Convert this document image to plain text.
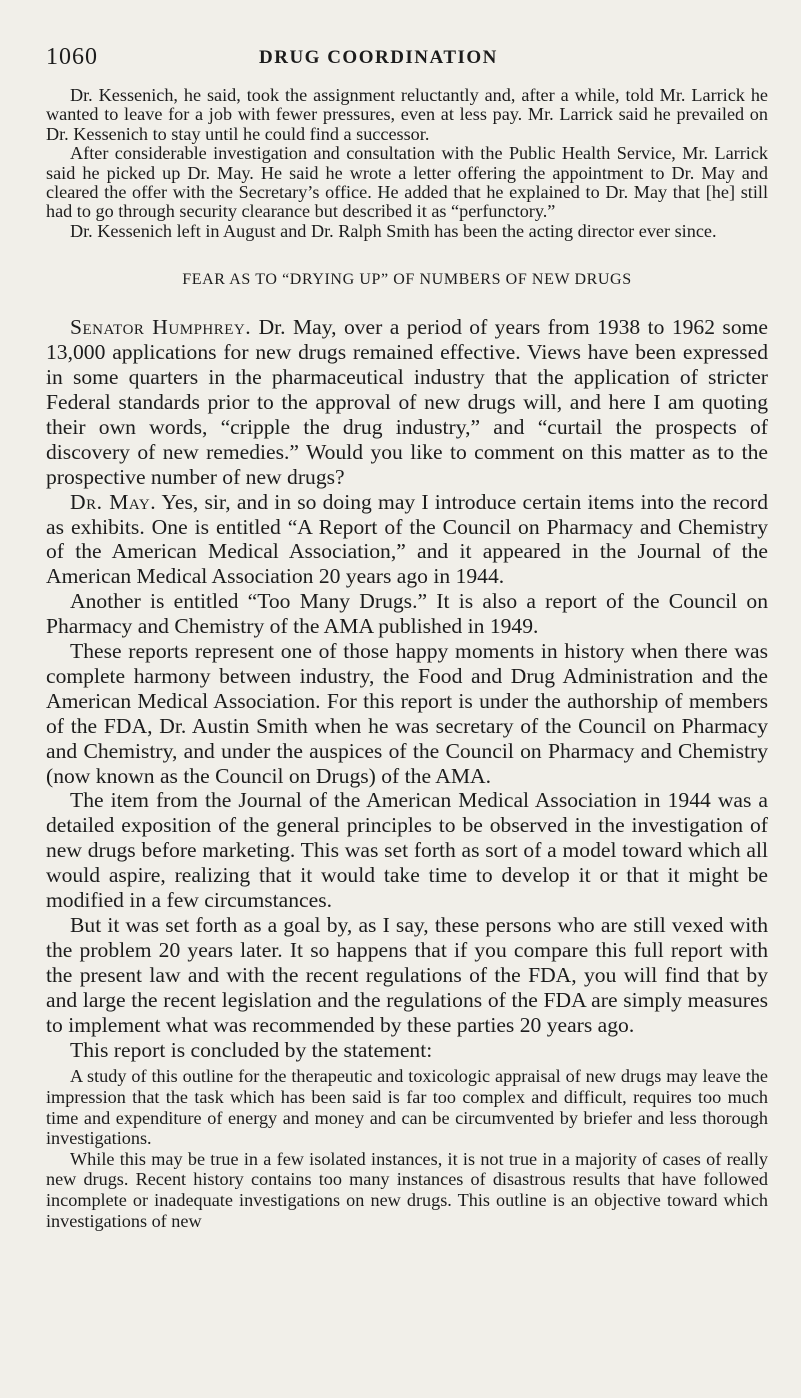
1060	DRUG COORDINATION

Dr. Kessenich, he said, took the assignment reluctantly and, after a while, told Mr. Larrick he wanted to leave for a job with fewer pressures, even at less pay. Mr. Larrick said he prevailed on Dr. Kessenich to stay until he could find a successor.

After considerable investigation and consultation with the Public Health Service, Mr. Larrick said he picked up Dr. May. He said he wrote a letter offering the appointment to Dr. May and cleared the offer with the Secretary’s office. He added that he explained to Dr. May that [he] still had to go through security clearance but described it as “perfunctory.”

Dr. Kessenich left in August and Dr. Ralph Smith has been the acting director ever since.

FEAR AS TO “DRYING UP” OF NUMBERS OF NEW DRUGS

Senator Humphrey. Dr. May, over a period of years from 1938 to 1962 some 13,000 applications for new drugs remained effective. Views have been expressed in some quarters in the pharmaceutical industry that the application of stricter Federal standards prior to the approval of new drugs will, and here I am quoting their own words, “cripple the drug industry,” and “curtail the prospects of discovery of new remedies.” Would you like to comment on this matter as to the prospective number of new drugs?

Dr. May. Yes, sir, and in so doing may I introduce certain items into the record as exhibits. One is entitled “A Report of the Council on Pharmacy and Chemistry of the American Medical Association,” and it appeared in the Journal of the American Medical Association 20 years ago in 1944.

Another is entitled “Too Many Drugs.” It is also a report of the Council on Pharmacy and Chemistry of the AMA published in 1949.

These reports represent one of those happy moments in history when there was complete harmony between industry, the Food and Drug Administration and the American Medical Association. For this report is under the authorship of members of the FDA, Dr. Austin Smith when he was secretary of the Council on Pharmacy and Chemistry, and under the auspices of the Council on Pharmacy and Chemistry (now known as the Council on Drugs) of the AMA.

The item from the Journal of the American Medical Association in 1944 was a detailed exposition of the general principles to be observed in the investigation of new drugs before marketing. This was set forth as sort of a model toward which all would aspire, realizing that it would take time to develop it or that it might be modified in a few circumstances.

But it was set forth as a goal by, as I say, these persons who are still vexed with the problem 20 years later. It so happens that if you compare this full report with the present law and with the recent regulations of the FDA, you will find that by and large the recent legislation and the regulations of the FDA are simply measures to implement what was recommended by these parties 20 years ago.

This report is concluded by the statement:

A study of this outline for the therapeutic and toxicologic appraisal of new drugs may leave the impression that the task which has been said is far too complex and difficult, requires too much time and expenditure of energy and money and can be circumvented by briefer and less thorough investigations.

While this may be true in a few isolated instances, it is not true in a majority of cases of really new drugs. Recent history contains too many instances of disastrous results that have followed incomplete or inadequate investigations on new drugs. This outline is an objective toward which investigations of new
